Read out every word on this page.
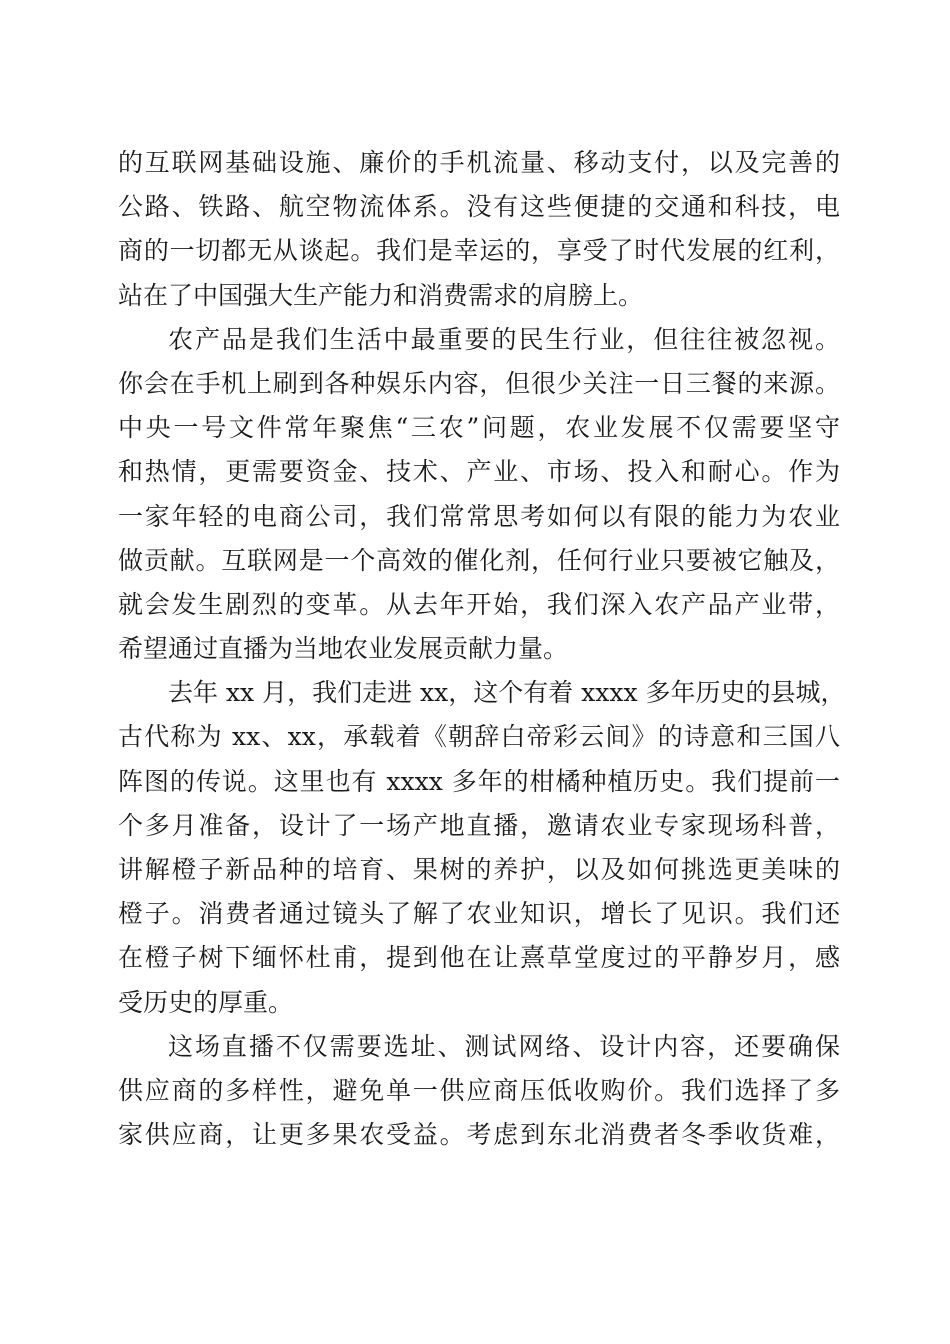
的互联网基础设施、廉价的手机流量、移动支付，以及完善的
公路、铁路、航空物流体系。没有这些便捷的交通和科技，电
商的一切都无从谈起。我们是幸运的，享受了时代发展的红利，
站在了中国强大生产能力和消费需求的肩膀上。
农产品是我们生活中最重要的民生行业，但往往被忽视。
你会在手机上刷到各种娱乐内容，但很少关注一日三餐的来源。
中央一号文件常年聚焦“三农”问题，农业发展不仅需要坚守
和热情，更需要资金、技术、产业、市场、投入和耐心。作为
一家年轻的电商公司，我们常常思考如何以有限的能力为农业
做贡献。互联网是一个高效的催化剂，任何行业只要被它触及，
就会发生剧烈的变革。从去年开始，我们深入农产品产业带，
希望通过直播为当地农业发展贡献力量。
去年 xx 月，我们走进 xx，这个有着 xxxx 多年历史的县城，
古代称为 xx、xx，承载着《朝辞白帝彩云间》的诗意和三国八
阵图的传说。这里也有 xxxx 多年的柑橘种植历史。我们提前一
个多月准备，设计了一场产地直播，邀请农业专家现场科普，
讲解橙子新品种的培育、果树的养护，以及如何挑选更美味的
橙子。消费者通过镜头了解了农业知识，增长了见识。我们还
在橙子树下缅怀杜甫，提到他在让熹草堂度过的平静岁月，感
受历史的厚重。
这场直播不仅需要选址、测试网络、设计内容，还要确保
供应商的多样性，避免单一供应商压低收购价。我们选择了多
家供应商，让更多果农受益。考虑到东北消费者冬季收货难，
